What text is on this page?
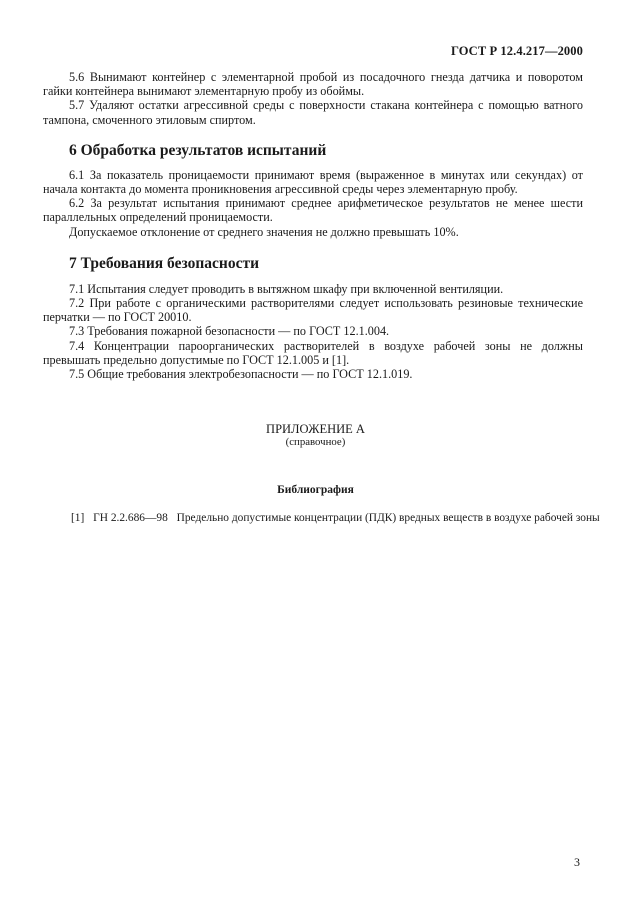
ГОСТ Р 12.4.217—2000

5.6 Вынимают контейнер с элементарной пробой из посадочного гнезда датчика и поворотом гайки контейнера вынимают элементарную пробу из обоймы.

5.7 Удаляют остатки агрессивной среды с поверхности стакана контейнера с помощью ватного тампона, смоченного этиловым спиртом.

6 Обработка результатов испытаний

6.1 За показатель проницаемости принимают время (выраженное в минутах или секундах) от начала контакта до момента проникновения агрессивной среды через элементарную пробу.

6.2 За результат испытания принимают среднее арифметическое результатов не менее шести параллельных определений проницаемости.

Допускаемое отклонение от среднего значения не должно превышать 10%.

7 Требования безопасности

7.1 Испытания следует проводить в вытяжном шкафу при включенной вентиляции.

7.2 При работе с органическими растворителями следует использовать резиновые технические перчатки — по ГОСТ 20010.

7.3 Требования пожарной безопасности — по ГОСТ 12.1.004.

7.4 Концентрации пароорганических растворителей в воздухе рабочей зоны не должны превышать предельно допустимые по ГОСТ 12.1.005 и [1].

7.5 Общие требования электробезопасности — по ГОСТ 12.1.019.

ПРИЛОЖЕНИЕ А
(справочное)
Библиография
[1] ГН 2.2.686—98 Предельно допустимые концентрации (ПДК) вредных веществ в воздухе рабочей зоны
3
